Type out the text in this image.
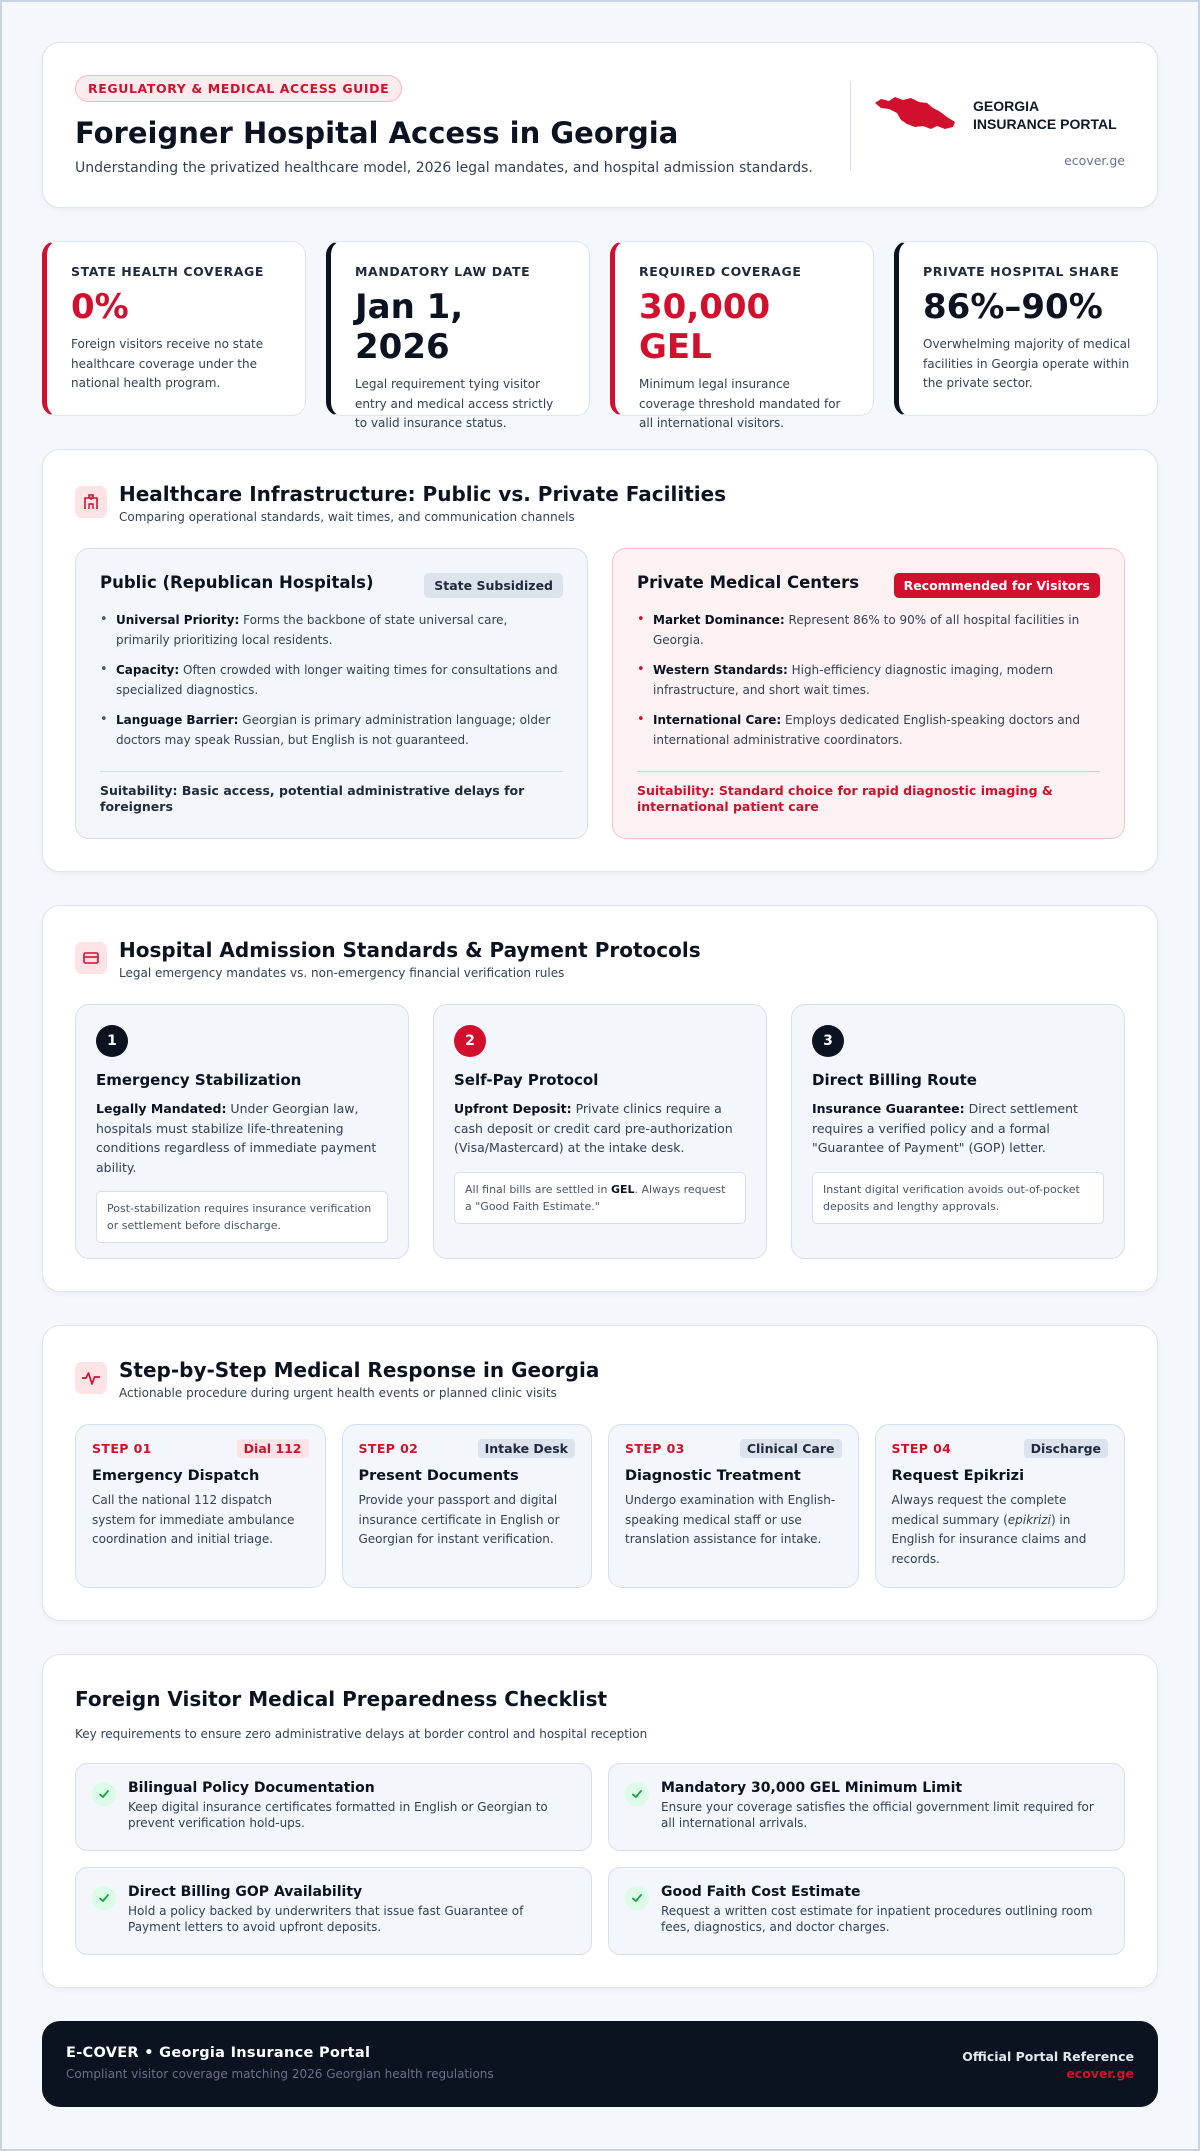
REGULATORY & MEDICAL ACCESS GUIDE
Foreigner Hospital Access in Georgia

Understanding the privatized healthcare model, 2026 legal mandates, and hospital admission standards.

GEORGIA
INSURANCE PORTAL
ecover.ge
STATE HEALTH COVERAGE
0%
Foreign visitors receive no state healthcare coverage under the national health program.
MANDATORY LAW DATE
Jan 1, 2026
Legal requirement tying visitor entry and medical access strictly to valid insurance status.
REQUIRED COVERAGE
30,000 GEL
Minimum legal insurance coverage threshold mandated for all international visitors.
PRIVATE HOSPITAL SHARE
86%–90%
Overwhelming majority of medical facilities in Georgia operate within the private sector.
Healthcare Infrastructure: Public vs. Private Facilities
Comparing operational standards, wait times, and communication channels
Public (Republican Hospitals)	State Subsidized
• Universal Priority: Forms the backbone of state universal care, primarily prioritizing local residents.
• Capacity: Often crowded with longer waiting times for consultations and specialized diagnostics.
• Language Barrier: Georgian is primary administration language; older doctors may speak Russian, but English is not guaranteed.
Suitability: Basic access, potential administrative delays for foreigners
Private Medical Centers	Recommended for Visitors
• Market Dominance: Represent 86% to 90% of all hospital facilities in Georgia.
• Western Standards: High-efficiency diagnostic imaging, modern infrastructure, and short wait times.
• International Care: Employs dedicated English-speaking doctors and international administrative coordinators.
Suitability: Standard choice for rapid diagnostic imaging & international patient care
Hospital Admission Standards & Payment Protocols
Legal emergency mandates vs. non-emergency financial verification rules
1
Emergency Stabilization
Legally Mandated: Under Georgian law, hospitals must stabilize life-threatening conditions regardless of immediate payment ability.
Post-stabilization requires insurance verification or settlement before discharge.
2
Self-Pay Protocol
Upfront Deposit: Private clinics require a cash deposit or credit card pre-authorization (Visa/Mastercard) at the intake desk.
All final bills are settled in GEL. Always request a "Good Faith Estimate."
3
Direct Billing Route
Insurance Guarantee: Direct settlement requires a verified policy and a formal "Guarantee of Payment" (GOP) letter.
Instant digital verification avoids out-of-pocket deposits and lengthy approvals.
Step-by-Step Medical Response in Georgia
Actionable procedure during urgent health events or planned clinic visits
STEP 01	Dial 112
Emergency Dispatch
Call the national 112 dispatch system for immediate ambulance coordination and initial triage.
STEP 02	Intake Desk
Present Documents
Provide your passport and digital insurance certificate in English or Georgian for instant verification.
STEP 03	Clinical Care
Diagnostic Treatment
Undergo examination with English-speaking medical staff or use translation assistance for intake.
STEP 04	Discharge
Request Epikrizi
Always request the complete medical summary (epikrizi) in English for insurance claims and records.
Foreign Visitor Medical Preparedness Checklist
Key requirements to ensure zero administrative delays at border control and hospital reception
Bilingual Policy Documentation
Keep digital insurance certificates formatted in English or Georgian to prevent verification hold-ups.
Mandatory 30,000 GEL Minimum Limit
Ensure your coverage satisfies the official government limit required for all international arrivals.
Direct Billing GOP Availability
Hold a policy backed by underwriters that issue fast Guarantee of Payment letters to avoid upfront deposits.
Good Faith Cost Estimate
Request a written cost estimate for inpatient procedures outlining room fees, diagnostics, and doctor charges.
E-COVER • Georgia Insurance Portal
Compliant visitor coverage matching 2026 Georgian health regulations
Official Portal Reference
ecover.ge
